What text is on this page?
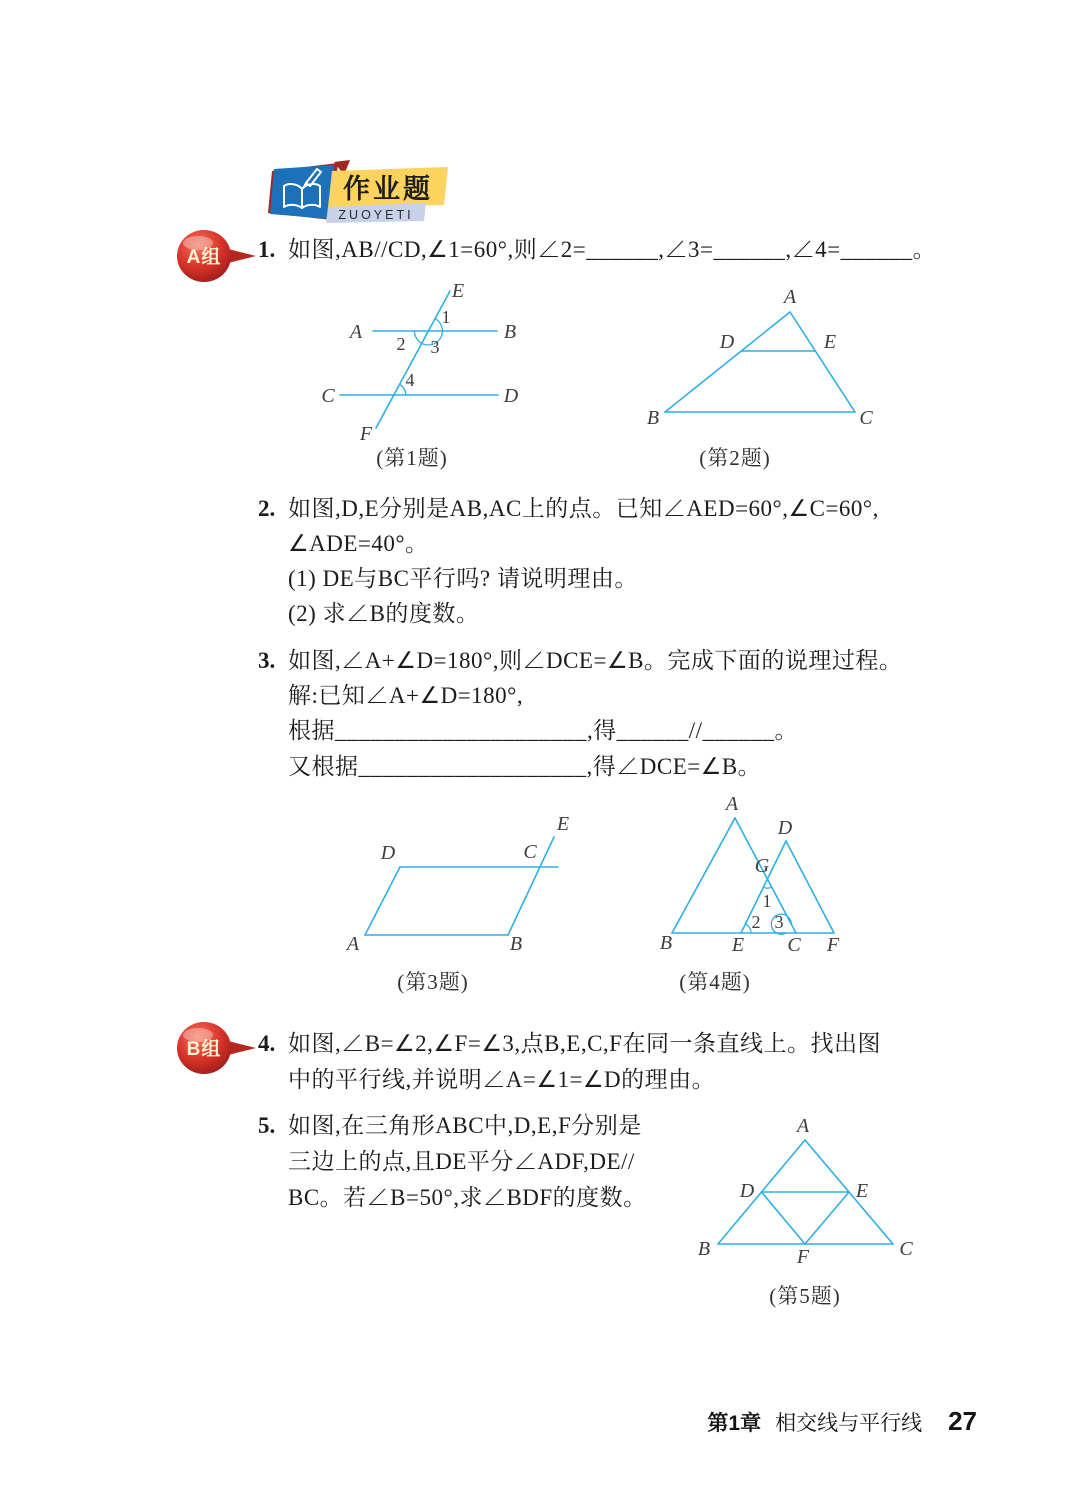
作业题
ZUOYETI
A组 1. 如图,AB//CD,∠1=60°,则∠2=______,∠3=______,∠4=______。
A	B
C	D
E
F
1
2 3
4
(第1题)
A
B	C
D	E
(第2题)
2. 如图,D,E分别是AB,AC上的点。已知∠AED=60°,∠C=60°,
∠ADE=40°。
(1) DE与BC平行吗? 请说明理由。
(2) 求∠B的度数。
3. 如图,∠A+∠D=180°,则∠DCE=∠B。完成下面的说理过程。
解:已知∠A+∠D=180°,
根据_____________________,得______//______。
又根据___________________,得∠DCE=∠B。
A	B
C
D
E
(第3题)
A
D
G
B	E C F
1
2 3
(第4题)
B组 4. 如图,∠B=∠2,∠F=∠3,点B,E,C,F在同一条直线上。找出图
中的平行线,并说明∠A=∠1=∠D的理由。
5. 如图,在三角形ABC中,D,E,F分别是
三边上的点,且DE平分∠ADF,DE//
BC。若∠B=50°,求∠BDF的度数。
A
B	C
D	E
F
(第5题)
第1章 相交线与平行线 27
